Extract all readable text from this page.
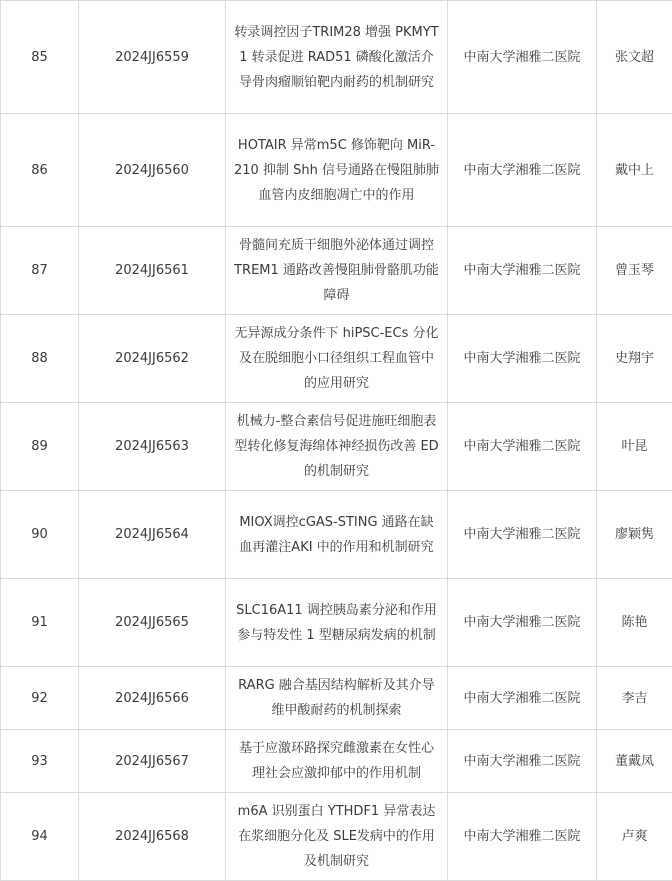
85	2024JJ6559	转录调控因子TRIM28 增强 PKMYT1 转录促进 RAD51 磷酸化激活介导骨肉瘤顺铂靶内耐药的机制研究	中南大学湘雅二医院	张文超
86	2024JJ6560	HOTAIR 异常m5C 修饰靶向 MiR-210 抑制 Shh 信号通路在慢阻肺肺血管内皮细胞凋亡中的作用	中南大学湘雅二医院	戴中上
87	2024JJ6561	骨髓间充质干细胞外泌体通过调控 TREM1 通路改善慢阻肺骨骼肌功能障碍	中南大学湘雅二医院	曾玉琴
88	2024JJ6562	无异源成分条件下 hiPSC-ECs 分化及在脱细胞小口径组织工程血管中的应用研究	中南大学湘雅二医院	史翔宇
89	2024JJ6563	机械力-整合素信号促进施旺细胞表型转化修复海绵体神经损伤改善 ED 的机制研究	中南大学湘雅二医院	叶昆
90	2024JJ6564	MIOX调控cGAS-STING 通路在缺血再灌注AKI 中的作用和机制研究	中南大学湘雅二医院	廖颖隽
91	2024JJ6565	SLC16A11 调控胰岛素分泌和作用参与特发性 1 型糖尿病发病的机制	中南大学湘雅二医院	陈艳
92	2024JJ6566	RARG 融合基因结构解析及其介导维甲酸耐药的机制探索	中南大学湘雅二医院	李吉
93	2024JJ6567	基于应激环路探究雌激素在女性心理社会应激抑郁中的作用机制	中南大学湘雅二医院	董戴凤
94	2024JJ6568	m6A 识别蛋白 YTHDF1 异常表达在浆细胞分化及 SLE发病中的作用及机制研究	中南大学湘雅二医院	卢爽
